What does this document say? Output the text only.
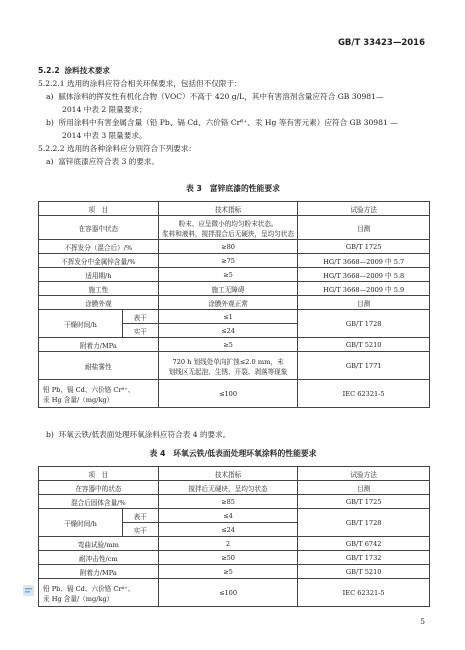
GB/T 33423—2016
5.2.2 涂料技术要求
5.2.2.1 选用的涂料应符合相关环保要求，包括但不仅限于：
a) 腻体涂料的挥发性有机化合物（VOC）不高于 420 g/L，其中有害溶剂含量应符合 GB 30981—
2014 中表 2 限量要求；
b) 所用涂料中有害金属含量（铅 Pb、镉 Cd、六价铬 Cr⁶⁺、汞 Hg 等有害元素）应符合 GB 30981 —
2014 中表 3 限量要求。
5.2.2.2 选用的各种涂料应分别符合下列要求：
a) 富锌底漆应符合表 3 的要求。
表 3　富锌底漆的性能要求
项　目		技术指标	试验方法
在容器中状态		粉末、应呈微小的均匀粉末状态。
浆料和液料，搅拌混合后无硬块，呈均匀状态	目测
不挥发分（混合后）/%		≥80	GB/T 1725
不挥发分中金属锌含量/%		≥75	HG/T 3668—2009 中 5.7
适用期/h		≥5	HG/T 3668—2009 中 5.8
施工性		施工无障碍	HG/T 3668—2009 中 5.9
涂膜外观		涂膜外观正常	目测
干燥时间/h	表干	≤1	GB/T 1728
	实干	≤24	
附着力/MPa		≥5	GB/T 5210
耐盐雾性		720 h 划线处单向扩蚀≤2.0 mm，未
划线区无起泡、生锈、开裂、剥落等现象	GB/T 1771

铅 Pb、镉 Cd、六价铬 Cr⁶⁺、
汞 Hg 含量/（mg/kg）		≤100	IEC 62321-5
b) 环氧云铁/低表面处理环氧涂料应符合表 4 的要求。
表 4　环氧云铁/低表面处理环氧涂料的性能要求
项　目		技术指标	试验方法
在容器中的状态		搅拌后无硬块，呈均匀状态	目测
混合后固体含量/%		≥85	GB/T 1725
干燥时间/h	表干	≤4	GB/T 1728
	实干	≤24	
弯曲试验/mm		2	GB/T 6742
耐冲击性/cm		≥50	GB/T 1732
附着力/MPa		≥5	GB/T 5210

铅 Pb、镉 Cd、六价铬 Cr⁶⁺、
汞 Hg 含量/（mg/kg）		≤100	IEC 62321-5
5
